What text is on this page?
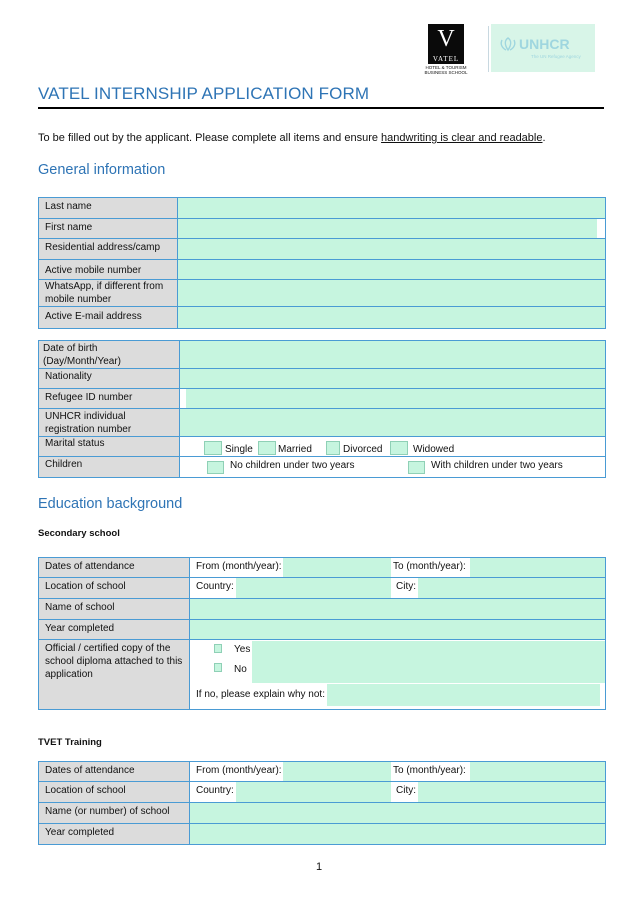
V
VATEL
HOTEL & TOURISM BUSINESS SCHOOL
UNHCR
The UN Refugee Agency
VATEL INTERNSHIP APPLICATION FORM
To be filled out by the applicant. Please complete all items and ensure handwriting is clear and readable.
General information
Last name
First name
Residential address/camp
Active mobile number
WhatsApp, if different from mobile number
Active E-mail address
Date of birth (Day/Month/Year)
Nationality
Refugee ID number
UNHCR individual registration number
Marital status
Single	Married	Divorced	Widowed
Children	No children under two years	With children under two years
Education background
Secondary school
Dates of attendance	From (month/year):	To (month/year):
Location of school	Country:	City:
Name of school
Year completed
Official / certified copy of the school diploma attached to this application
Yes
No
If no, please explain why not:
TVET Training
Dates of attendance	From (month/year):	To (month/year):
Location of school	Country:	City:
Name (or number) of school
Year completed
1
